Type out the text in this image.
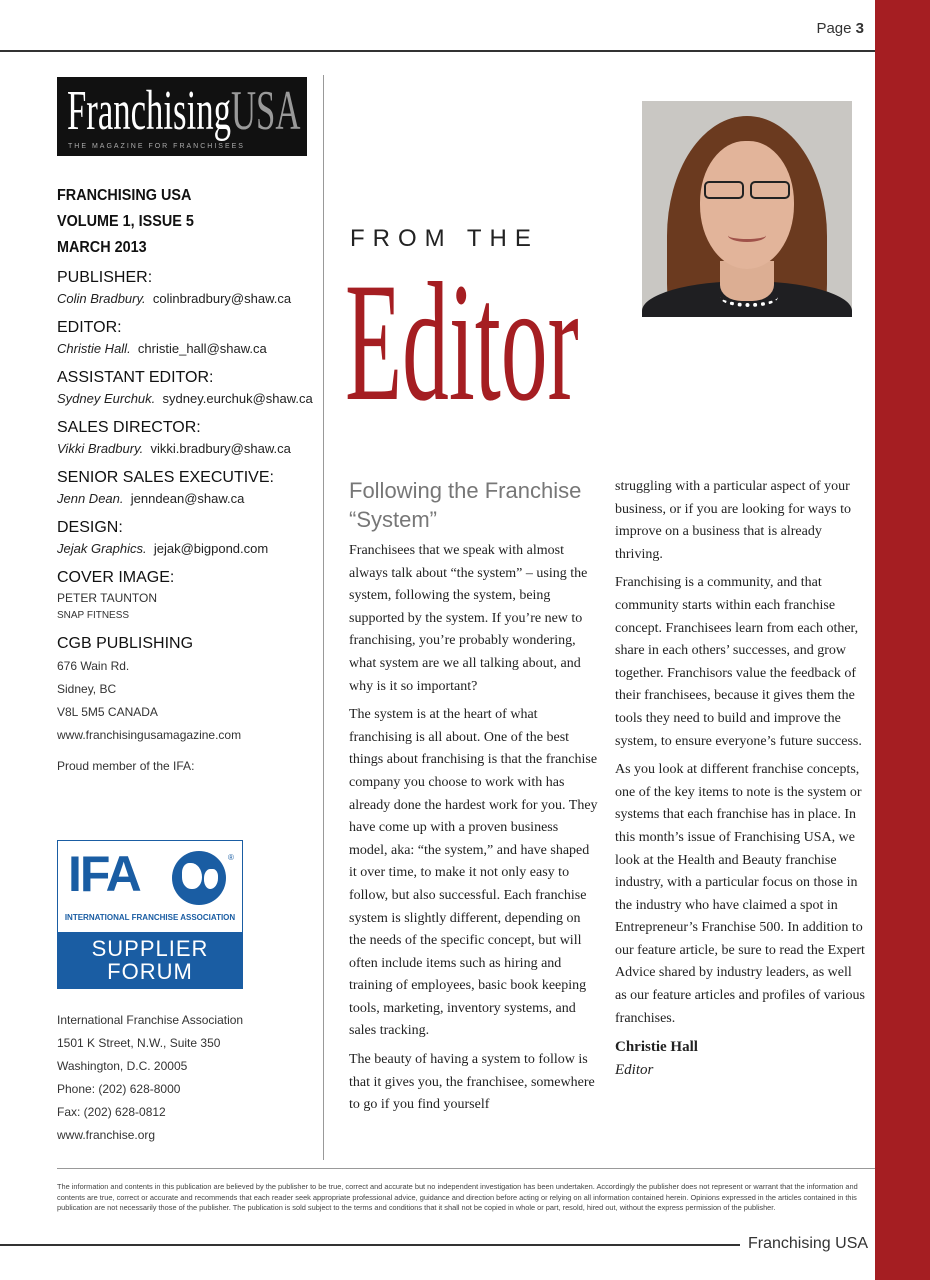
Page 3
FranchisingUSA
THE MAGAZINE FOR FRANCHISEES
FRANCHISING USA
VOLUME 1, ISSUE 5
MARCH 2013
PUBLISHER:
Colin Bradbury. colinbradbury@shaw.ca
EDITOR:
Christie Hall. christie_hall@shaw.ca
ASSISTANT EDITOR:
Sydney Eurchuk. sydney.eurchuk@shaw.ca
SALES DIRECTOR:
Vikki Bradbury. vikki.bradbury@shaw.ca
SENIOR SALES EXECUTIVE:
Jenn Dean. jenndean@shaw.ca
DESIGN:
Jejak Graphics. jejak@bigpond.com
COVER IMAGE:
PETER TAUNTON
SNAP FITNESS
CGB PUBLISHING
676 Wain Rd.
Sidney, BC
V8L 5M5 CANADA
www.franchisingusamagazine.com
Proud member of the IFA:
IFA	®
INTERNATIONAL FRANCHISE ASSOCIATION
SUPPLIER
FORUM
International Franchise Association
1501 K Street, N.W., Suite 350
Washington, D.C. 20005
Phone: (202) 628-8000
Fax: (202) 628-0812
www.franchise.org
FROM THE
Editor
Following the Franchise “System”

Franchisees that we speak with almost always talk about “the system” – using the system, following the system, being supported by the system. If you’re new to franchising, you’re probably wondering, what system are we all talking about, and why is it so important?

The system is at the heart of what franchising is all about. One of the best things about franchising is that the franchise company you choose to work with has already done the hardest work for you. They have come up with a proven business model, aka: “the system,” and have shaped it over time, to make it not only easy to follow, but also successful. Each franchise system is slightly different, depending on the needs of the specific concept, but will often include items such as hiring and training of employees, basic book keeping tools, marketing, inventory systems, and sales tracking.

The beauty of having a system to follow is that it gives you, the franchisee, somewhere to go if you find yourself

struggling with a particular aspect of your business, or if you are looking for ways to improve on a business that is already thriving.

Franchising is a community, and that community starts within each franchise concept. Franchisees learn from each other, share in each others’ successes, and grow together. Franchisors value the feedback of their franchisees, because it gives them the tools they need to build and improve the system, to ensure everyone’s future success.

As you look at different franchise concepts, one of the key items to note is the system or systems that each franchise has in place. In this month’s issue of Franchising USA, we look at the Health and Beauty franchise industry, with a particular focus on those in the industry who have claimed a spot in Entrepreneur’s Franchise 500. In addition to our feature article, be sure to read the Expert Advice shared by industry leaders, as well as our feature articles and profiles of various franchises.

Christie Hall
Editor
The information and contents in this publication are believed by the publisher to be true, correct and accurate but no independent investigation has been undertaken. Accordingly the publisher does not represent or warrant that the information and contents are true, correct or accurate and recommends that each reader seek appropriate professional advice, guidance and direction before acting or relying on all information contained herein. Opinions expressed in the articles contained in this publication are not necessarily those of the publisher. The publication is sold subject to the terms and conditions that it shall not be copied in whole or part, resold, hired out, without the express permission of the publisher.
Franchising USA
